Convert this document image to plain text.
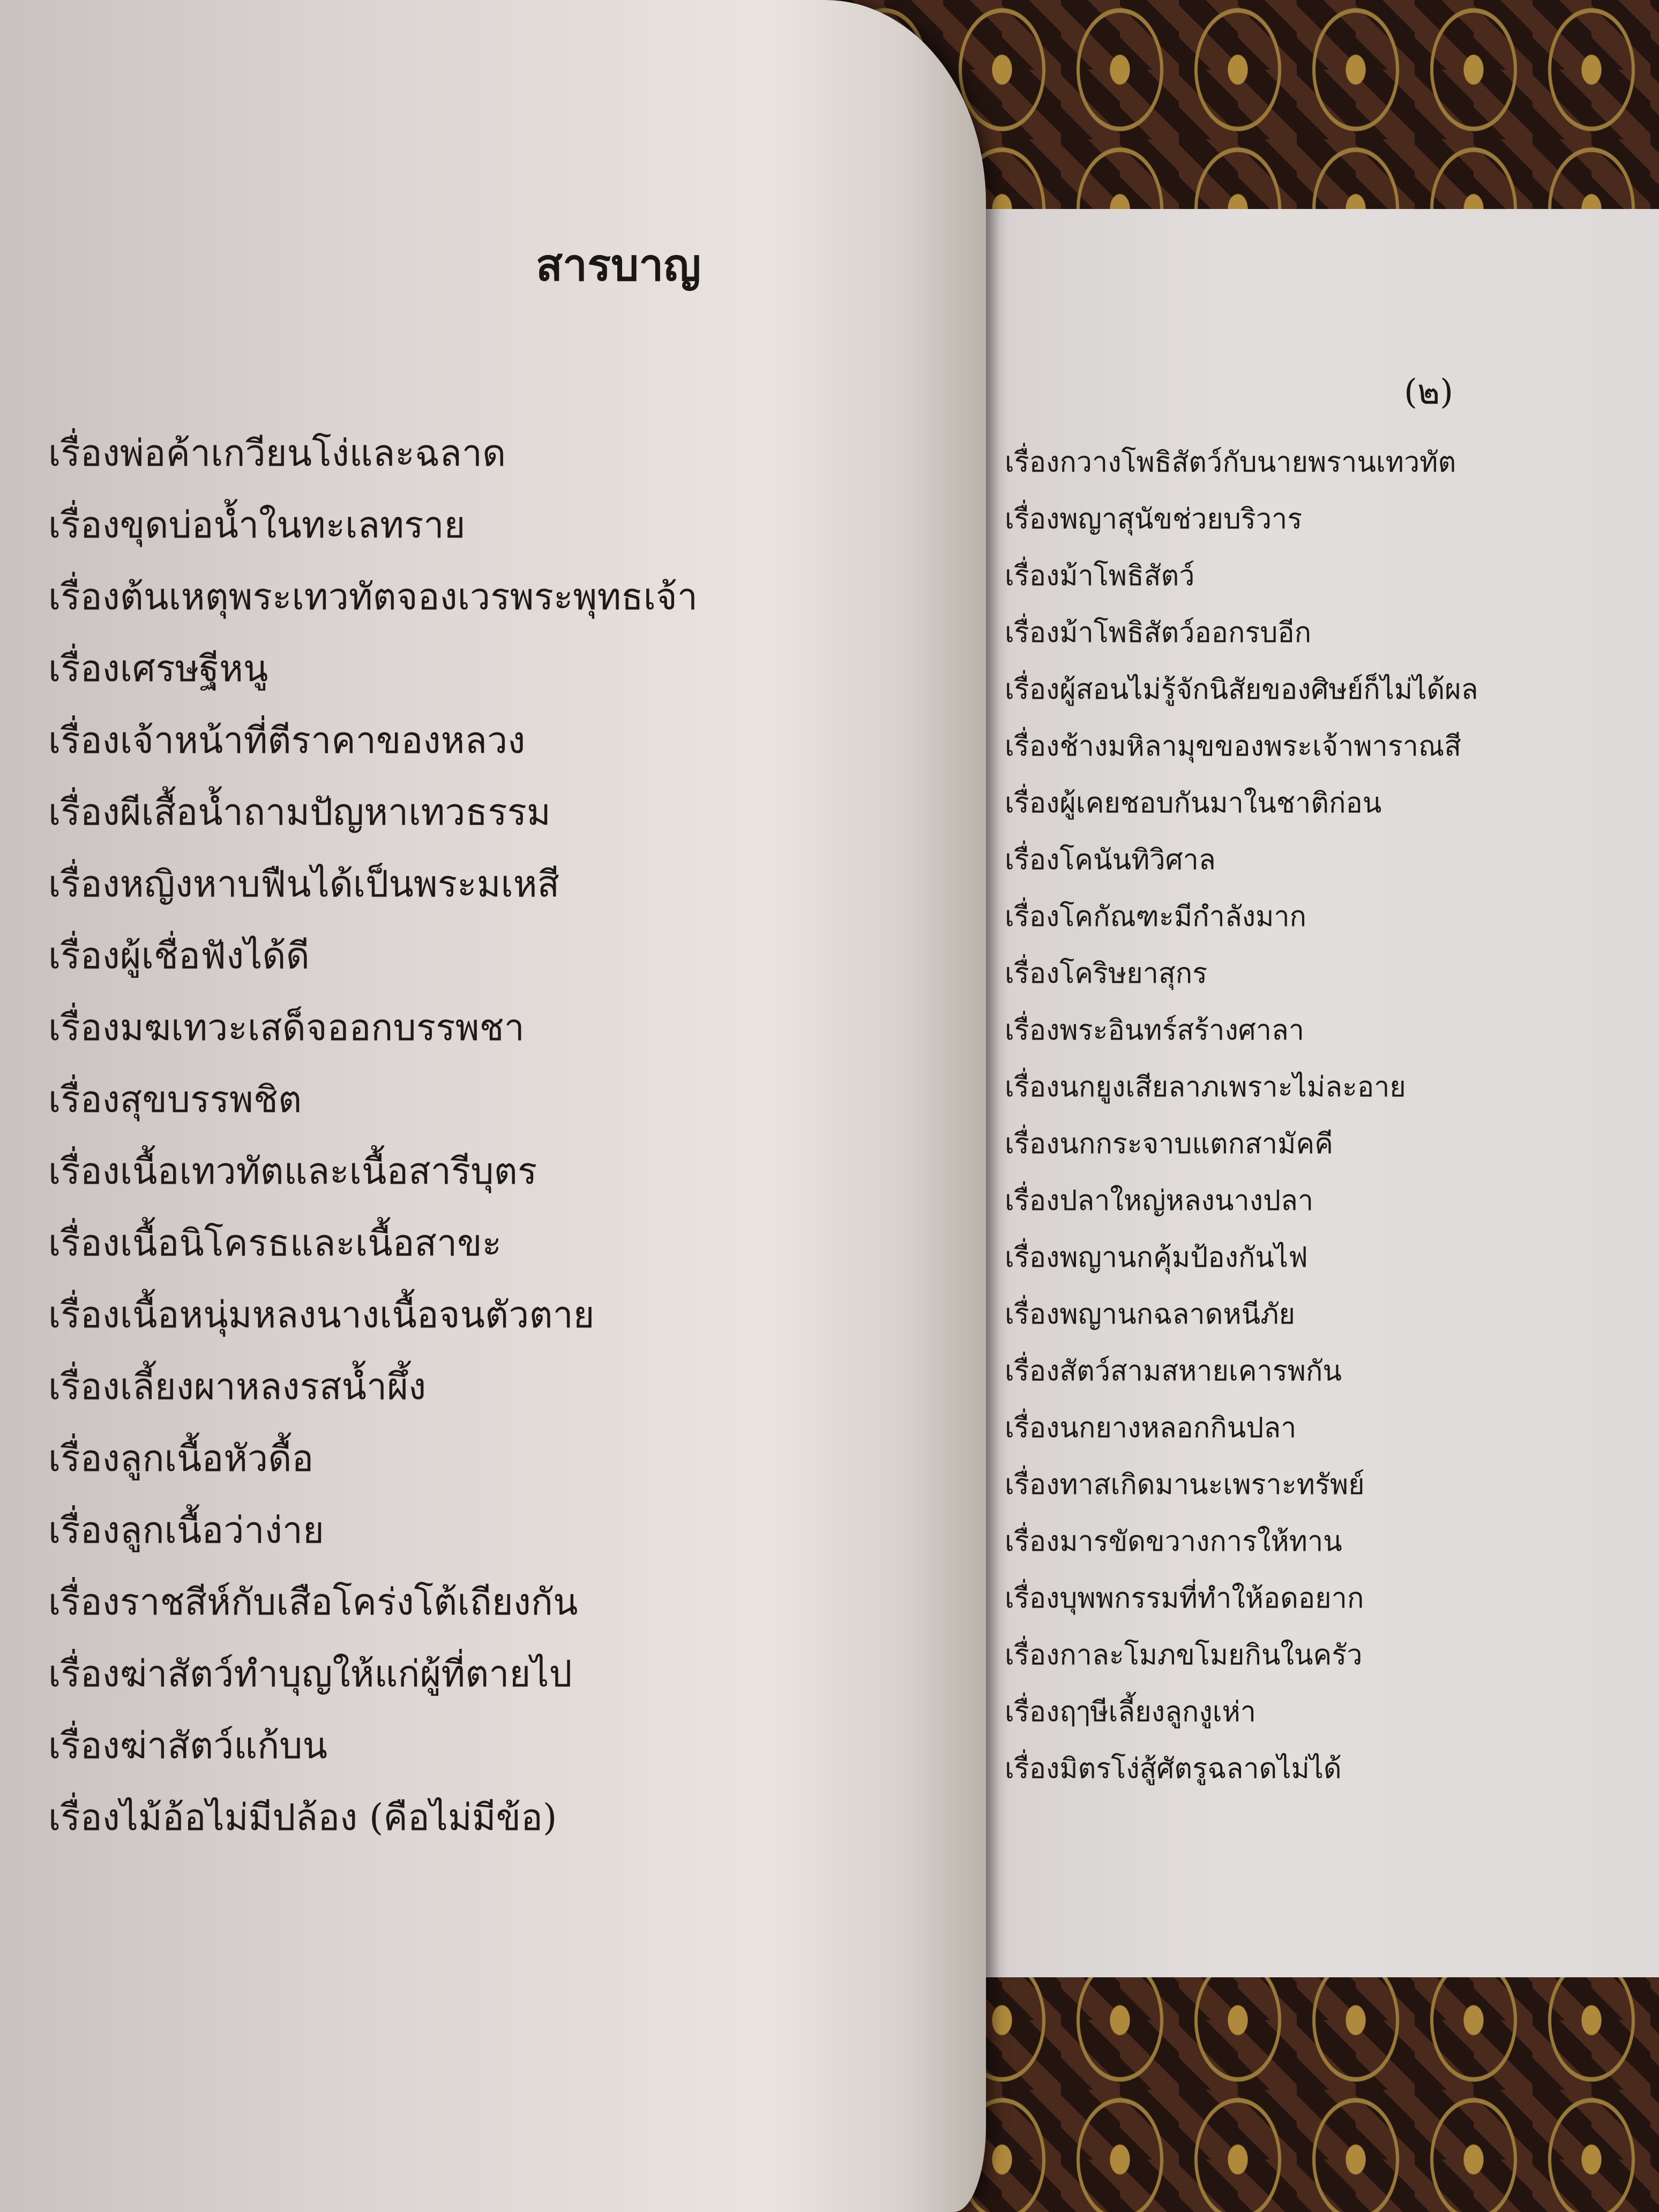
สารบาญ
(๒)
เรื่องพ่อค้าเกวียนโง่และฉลาด
เรื่องขุดบ่อน้ำในทะเลทราย
เรื่องต้นเหตุพระเทวทัตจองเวรพระพุทธเจ้า
เรื่องเศรษฐีหนู
เรื่องเจ้าหน้าที่ตีราคาของหลวง
เรื่องผีเสื้อน้ำถามปัญหาเทวธรรม
เรื่องหญิงหาบฟืนได้เป็นพระมเหสี
เรื่องผู้เชื่อฟังได้ดี
เรื่องมฆเทวะเสด็จออกบรรพชา
เรื่องสุขบรรพชิต
เรื่องเนื้อเทวทัตและเนื้อสารีบุตร
เรื่องเนื้อนิโครธและเนื้อสาขะ
เรื่องเนื้อหนุ่มหลงนางเนื้อจนตัวตาย
เรื่องเลี้ยงผาหลงรสน้ำผึ้ง
เรื่องลูกเนื้อหัวดื้อ
เรื่องลูกเนื้อว่าง่าย
เรื่องราชสีห์กับเสือโคร่งโต้เถียงกัน
เรื่องฆ่าสัตว์ทำบุญให้แก่ผู้ที่ตายไป
เรื่องฆ่าสัตว์แก้บน
เรื่องไม้อ้อไม่มีปล้อง (คือไม่มีข้อ)
เรื่องกวางโพธิสัตว์กับนายพรานเทวทัต
เรื่องพญาสุนัขช่วยบริวาร
เรื่องม้าโพธิสัตว์
เรื่องม้าโพธิสัตว์ออกรบอีก
เรื่องผู้สอนไม่รู้จักนิสัยของศิษย์ก็ไม่ได้ผล
เรื่องช้างมหิลามุขของพระเจ้าพาราณสี
เรื่องผู้เคยชอบกันมาในชาติก่อน
เรื่องโคนันทิวิศาล
เรื่องโคกัณฑะมีกำลังมาก
เรื่องโคริษยาสุกร
เรื่องพระอินทร์สร้างศาลา
เรื่องนกยูงเสียลาภเพราะไม่ละอาย
เรื่องนกกระจาบแตกสามัคคี
เรื่องปลาใหญ่หลงนางปลา
เรื่องพญานกคุ้มป้องกันไฟ
เรื่องพญานกฉลาดหนีภัย
เรื่องสัตว์สามสหายเคารพกัน
เรื่องนกยางหลอกกินปลา
เรื่องทาสเกิดมานะเพราะทรัพย์
เรื่องมารขัดขวางการให้ทาน
เรื่องบุพพกรรมที่ทำให้อดอยาก
เรื่องกาละโมภขโมยกินในครัว
เรื่องฤๅษีเลี้ยงลูกงูเห่า
เรื่องมิตรโง่สู้ศัตรูฉลาดไม่ได้
